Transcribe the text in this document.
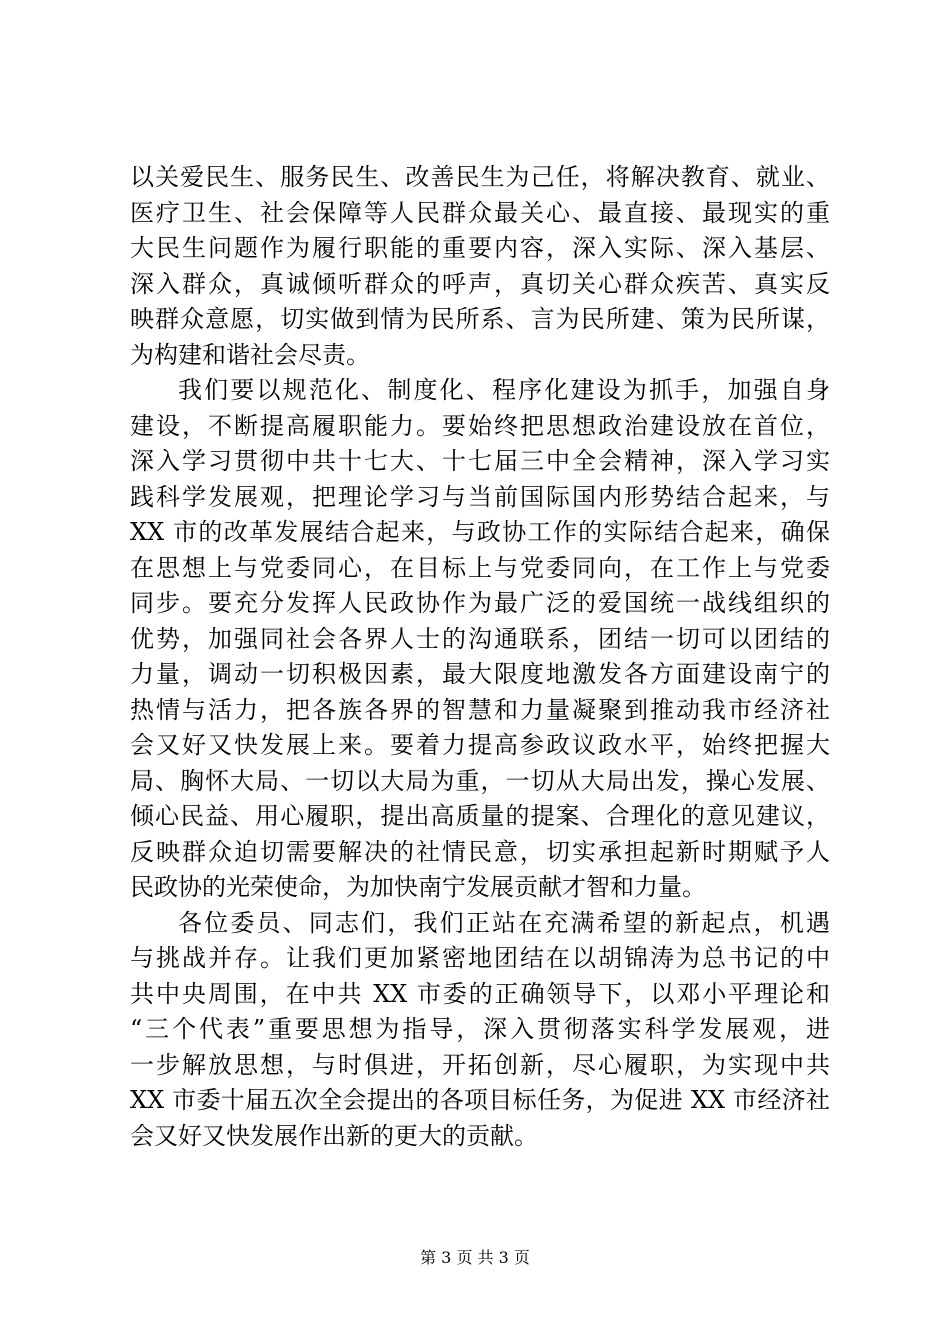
以关爱民生、服务民生、改善民生为己任，将解决教育、就业、
医疗卫生、社会保障等人民群众最关心、最直接、最现实的重
大民生问题作为履行职能的重要内容，深入实际、深入基层、
深入群众，真诚倾听群众的呼声，真切关心群众疾苦、真实反
映群众意愿，切实做到情为民所系、言为民所建、策为民所谋，
为构建和谐社会尽责。
我们要以规范化、制度化、程序化建设为抓手，加强自身
建设，不断提高履职能力。要始终把思想政治建设放在首位，
深入学习贯彻中共十七大、十七届三中全会精神，深入学习实
践科学发展观，把理论学习与当前国际国内形势结合起来，与
XX 市的改革发展结合起来，与政协工作的实际结合起来，确保
在思想上与党委同心，在目标上与党委同向，在工作上与党委
同步。要充分发挥人民政协作为最广泛的爱国统一战线组织的
优势，加强同社会各界人士的沟通联系，团结一切可以团结的
力量，调动一切积极因素，最大限度地激发各方面建设南宁的
热情与活力，把各族各界的智慧和力量凝聚到推动我市经济社
会又好又快发展上来。要着力提高参政议政水平，始终把握大
局、胸怀大局、一切以大局为重，一切从大局出发，操心发展、
倾心民益、用心履职，提出高质量的提案、合理化的意见建议，
反映群众迫切需要解决的社情民意，切实承担起新时期赋予人
民政协的光荣使命，为加快南宁发展贡献才智和力量。
各位委员、同志们，我们正站在充满希望的新起点，机遇
与挑战并存。让我们更加紧密地团结在以胡锦涛为总书记的中
共中央周围，在中共 XX 市委的正确领导下，以邓小平理论和
“三个代表”重要思想为指导，深入贯彻落实科学发展观，进
一步解放思想，与时俱进，开拓创新，尽心履职，为实现中共
XX 市委十届五次全会提出的各项目标任务，为促进 XX 市经济社
会又好又快发展作出新的更大的贡献。
第 3 页 共 3 页
